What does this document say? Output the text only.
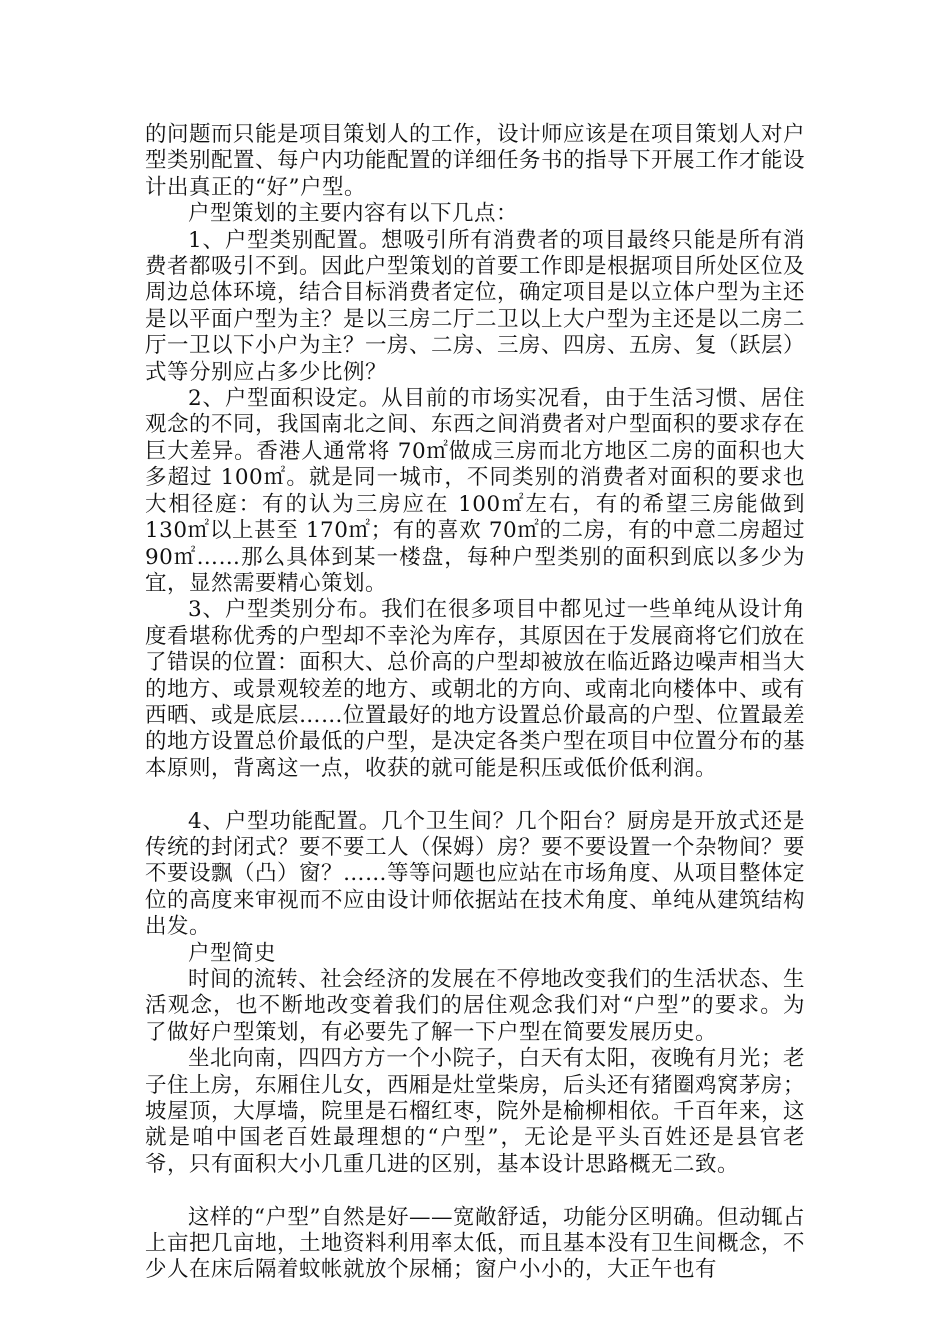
的问题而只能是项目策划人的工作，设计师应该是在项目策划人对户型类别配置、每户内功能配置的详细任务书的指导下开展工作才能设计出真正的“好”户型。

户型策划的主要内容有以下几点：

1、户型类别配置。想吸引所有消费者的项目最终只能是所有消费者都吸引不到。因此户型策划的首要工作即是根据项目所处区位及周边总体环境，结合目标消费者定位，确定项目是以立体户型为主还是以平面户型为主？是以三房二厅二卫以上大户型为主还是以二房二厅一卫以下小户为主？一房、二房、三房、四房、五房、复（跃层）式等分别应占多少比例？

2、户型面积设定。从目前的市场实况看，由于生活习惯、居住观念的不同，我国南北之间、东西之间消费者对户型面积的要求存在巨大差异。香港人通常将 70㎡做成三房而北方地区二房的面积也大多超过 100㎡。就是同一城市，不同类别的消费者对面积的要求也大相径庭：有的认为三房应在 100㎡左右，有的希望三房能做到 130㎡以上甚至 170㎡；有的喜欢 70㎡的二房，有的中意二房超过 90㎡……那么具体到某一楼盘，每种户型类别的面积到底以多少为宜，显然需要精心策划。

3、户型类别分布。我们在很多项目中都见过一些单纯从设计角度看堪称优秀的户型却不幸沦为库存，其原因在于发展商将它们放在了错误的位置：面积大、总价高的户型却被放在临近路边噪声相当大的地方、或景观较差的地方、或朝北的方向、或南北向楼体中、或有西晒、或是底层……位置最好的地方设置总价最高的户型、位置最差的地方设置总价最低的户型，是决定各类户型在项目中位置分布的基本原则，背离这一点，收获的就可能是积压或低价低利润。

4、户型功能配置。几个卫生间？几个阳台？厨房是开放式还是传统的封闭式？要不要工人（保姆）房？要不要设置一个杂物间？要不要设飘（凸）窗？……等等问题也应站在市场角度、从项目整体定位的高度来审视而不应由设计师依据站在技术角度、单纯从建筑结构出发。

户型简史

时间的流转、社会经济的发展在不停地改变我们的生活状态、生活观念，也不断地改变着我们的居住观念我们对“户型”的要求。为了做好户型策划，有必要先了解一下户型在简要发展历史。

坐北向南，四四方方一个小院子，白天有太阳，夜晚有月光；老子住上房，东厢住儿女，西厢是灶堂柴房，后头还有猪圈鸡窝茅房；坡屋顶，大厚墙，院里是石榴红枣，院外是榆柳相依。千百年来，这就是咱中国老百姓最理想的“户型”，无论是平头百姓还是县官老爷，只有面积大小几重几进的区别，基本设计思路概无二致。

这样的“户型”自然是好——宽敞舒适，功能分区明确。但动辄占上亩把几亩地，土地资料利用率太低，而且基本没有卫生间概念，不少人在床后隔着蚊帐就放个尿桶；窗户小小的，大正午也有
